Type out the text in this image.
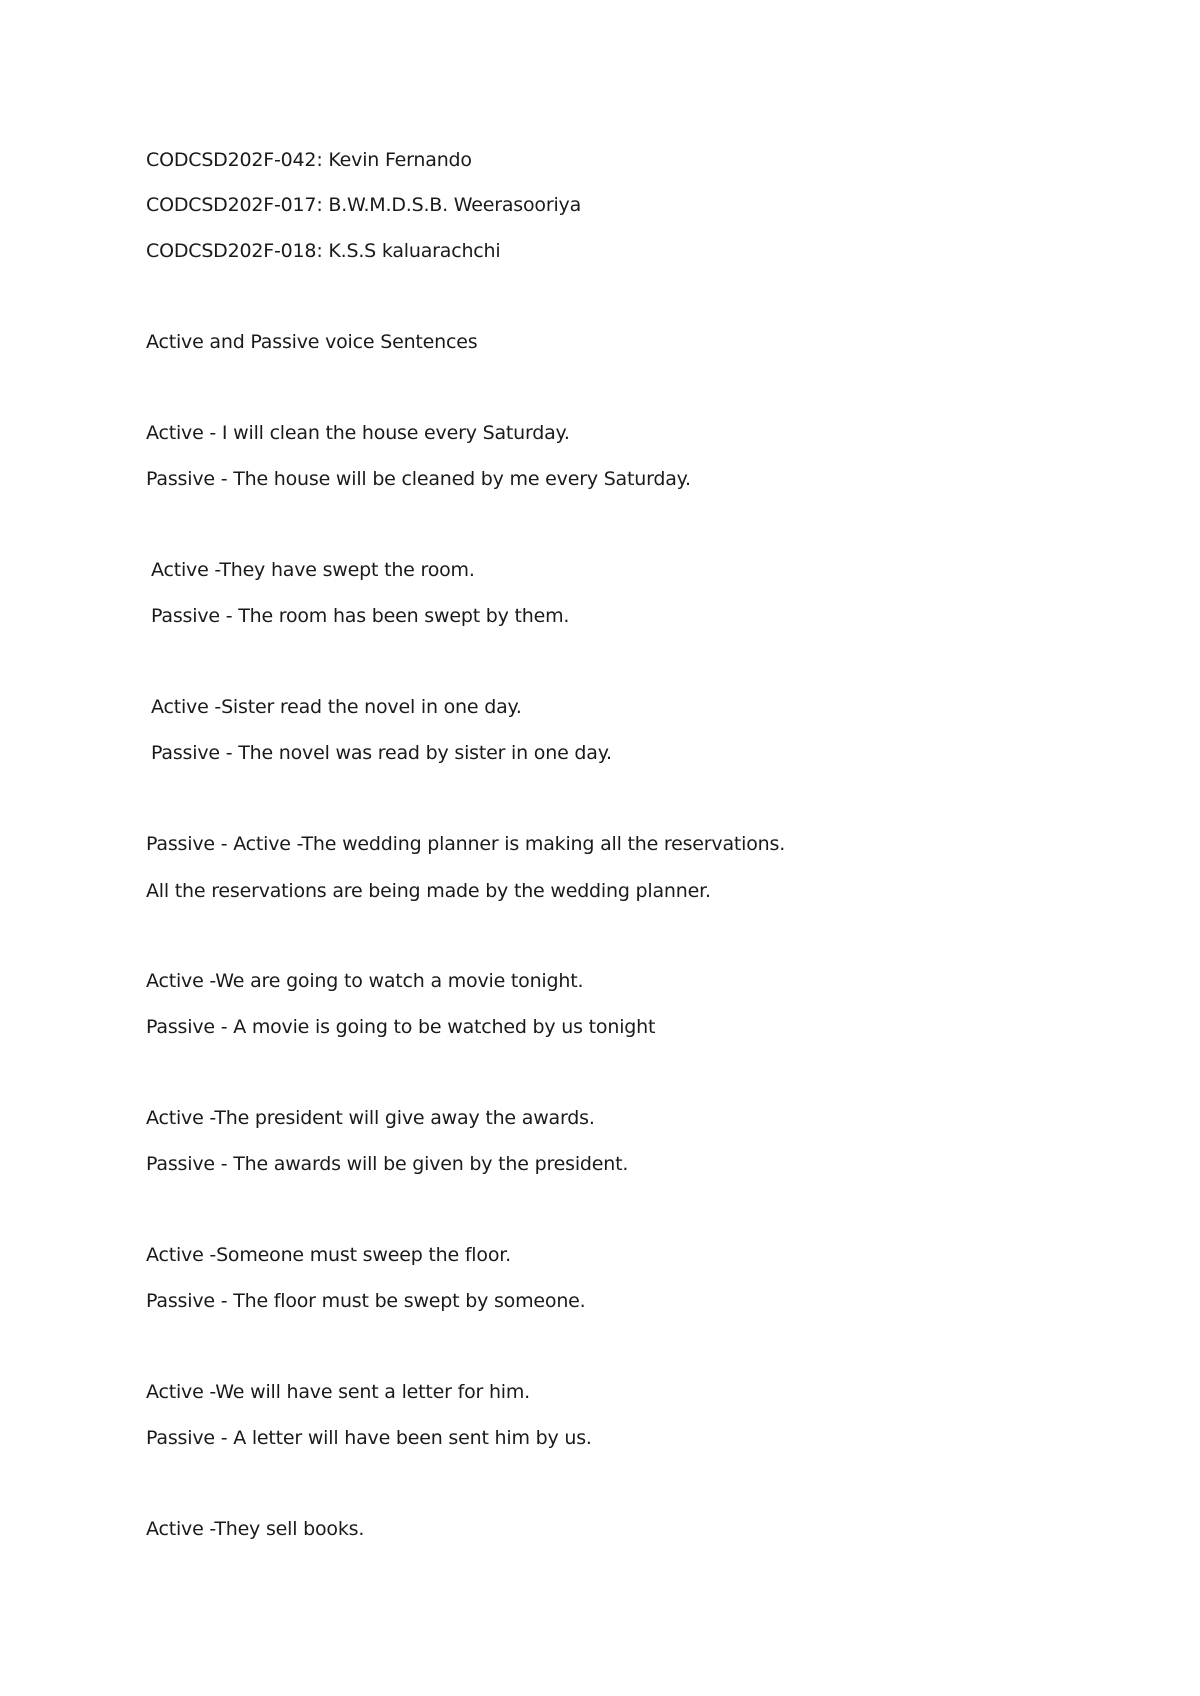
CODCSD202F-042: Kevin Fernando
CODCSD202F-017: B.W.M.D.S.B. Weerasooriya
CODCSD202F-018: K.S.S kaluarachchi
Active and Passive voice Sentences
Active - I will clean the house every Saturday.
Passive - The house will be cleaned by me every Saturday.
Active -They have swept the room.
Passive - The room has been swept by them.
Active -Sister read the novel in one day.
Passive - The novel was read by sister in one day.
Passive - Active -The wedding planner is making all the reservations.
All the reservations are being made by the wedding planner.
Active -We are going to watch a movie tonight.
Passive - A movie is going to be watched by us tonight
Active -The president will give away the awards.
Passive - The awards will be given by the president.
Active -Someone must sweep the floor.
Passive - The floor must be swept by someone.
Active -We will have sent a letter for him.
Passive - A letter will have been sent him by us.
Active -They sell books.
